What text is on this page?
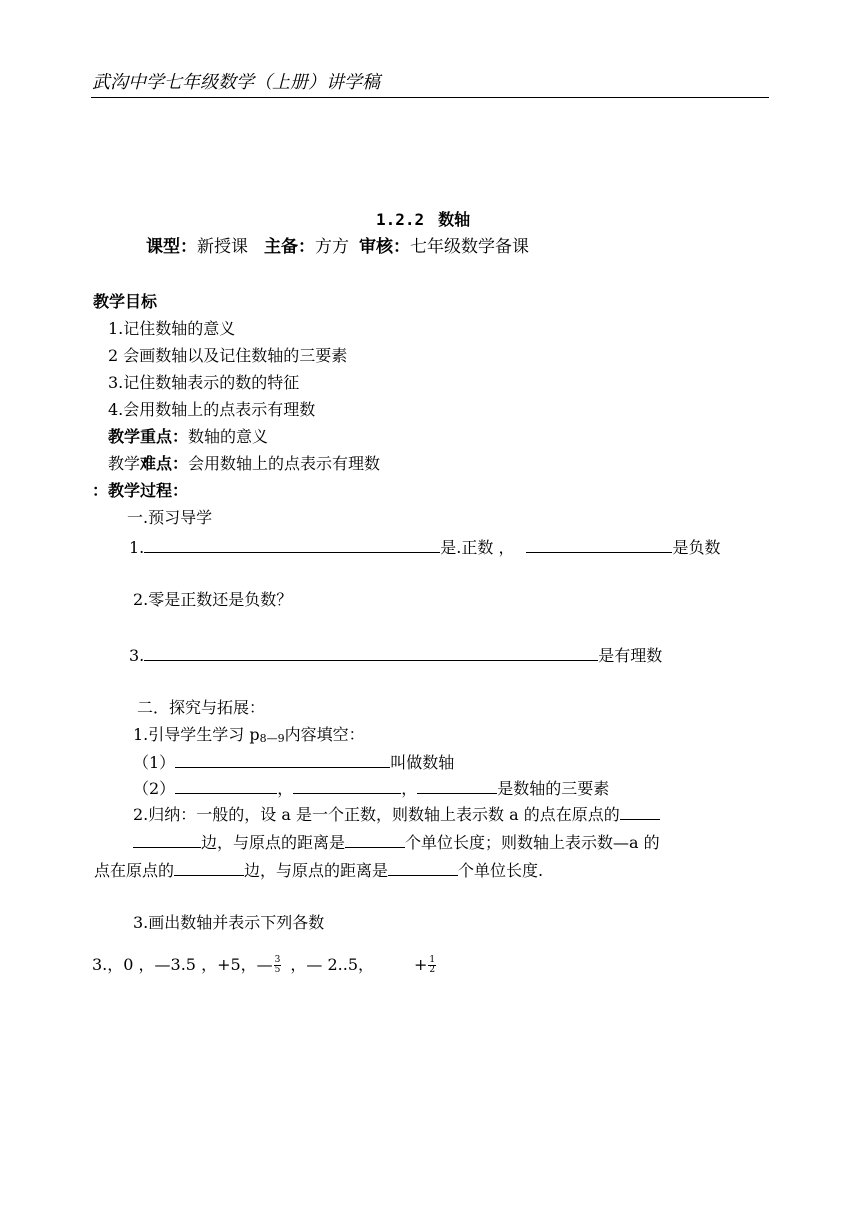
武沟中学七年级数学（上册）讲学稿
1.2.2 数轴
课型：新授课 主备：方方 审核：七年级数学备课
教学目标
1.记住数轴的意义
2 会画数轴以及记住数轴的三要素
3.记住数轴表示的数的特征
4.会用数轴上的点表示有理数
教学重点：数轴的意义
教学难点：会用数轴上的点表示有理数
：教学过程：
一.预习导学
1.	是.正数 ，	是负数
2.零是正数还是负数？
3.	是有理数
二．探究与拓展：
1.引导学生学习 p8—9内容填空：
（1）	叫做数轴
（2）	，	，	是数轴的三要素
2.归纳：一般的，设 a 是一个正数，则数轴上表示数 a 的点在原点的
边，与原点的距离是	个单位长度；则数轴上表示数—a 的
点在原点的	边，与原点的距离是	个单位长度.
3.画出数轴并表示下列各数
3.，0 ，—3.5 ，+5，— $\frac{3}{5}$ ，— 2..5，	+ $\frac{1}{2}$
